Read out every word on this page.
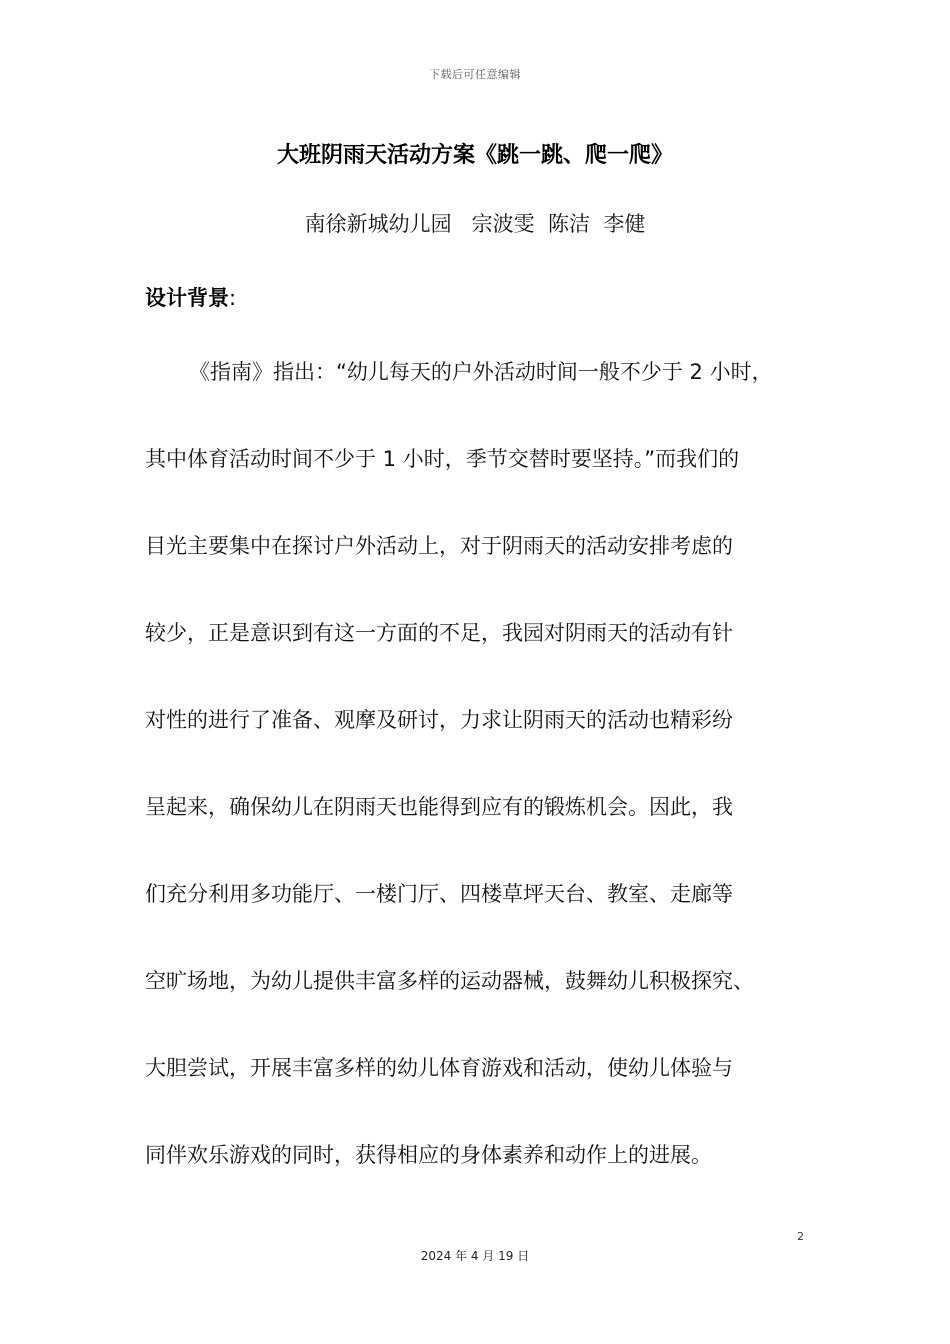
下载后可任意编辑
大班阴雨天活动方案《跳一跳、爬一爬》
南徐新城幼儿园   宗波雯  陈洁  李健
设计背景:
《指南》指出：“幼儿每天的户外活动时间一般不少于 2 小时，
其中体育活动时间不少于 1 小时，季节交替时要坚持。”而我们的
目光主要集中在探讨户外活动上，对于阴雨天的活动安排考虑的
较少，正是意识到有这一方面的不足，我园对阴雨天的活动有针
对性的进行了准备、观摩及研讨，力求让阴雨天的活动也精彩纷
呈起来，确保幼儿在阴雨天也能得到应有的锻炼机会。因此，我
们充分利用多功能厅、一楼门厅、四楼草坪天台、教室、走廊等
空旷场地，为幼儿提供丰富多样的运动器械，鼓舞幼儿积极探究、
大胆尝试，开展丰富多样的幼儿体育游戏和活动，使幼儿体验与
同伴欢乐游戏的同时，获得相应的身体素养和动作上的进展。
2
2024 年 4 月 19 日
